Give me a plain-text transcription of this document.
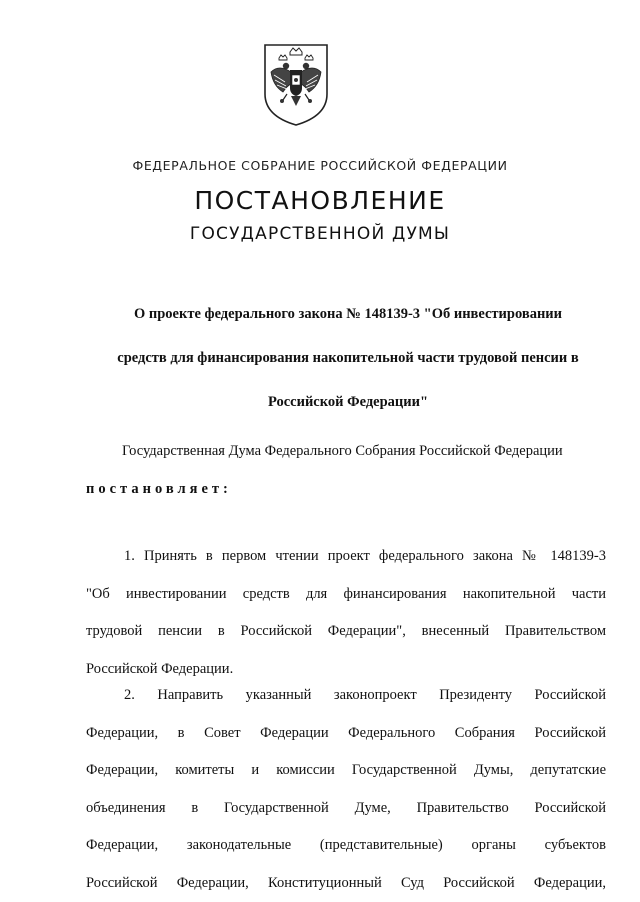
ФЕДЕРАЛЬНОЕ СОБРАНИЕ РОССИЙСКОЙ ФЕДЕРАЦИИ

ПОСТАНОВЛЕНИЕ

ГОСУДАРСТВЕННОЙ ДУМЫ

О проекте федерального закона № 148139-3 "Об инвестировании
средств для финансирования накопительной части трудовой пенсии в
Российской Федерации"

Государственная Дума Федерального Собрания Российской Федерации
постановляет:

1. Принять в первом чтении проект федерального закона № 148139-3
"Об инвестировании средств для финансирования накопительной части
трудовой пенсии в Российской Федерации", внесенный Правительством
Российской Федерации.
2. Направить указанный законопроект Президенту Российской
Федерации, в Совет Федерации Федерального Собрания Российской
Федерации, комитеты и комиссии Государственной Думы, депутатские
объединения в Государственной Думе, Правительство Российской
Федерации, законодательные (представительные) органы субъектов
Российской Федерации, Конституционный Суд Российской Федерации,
